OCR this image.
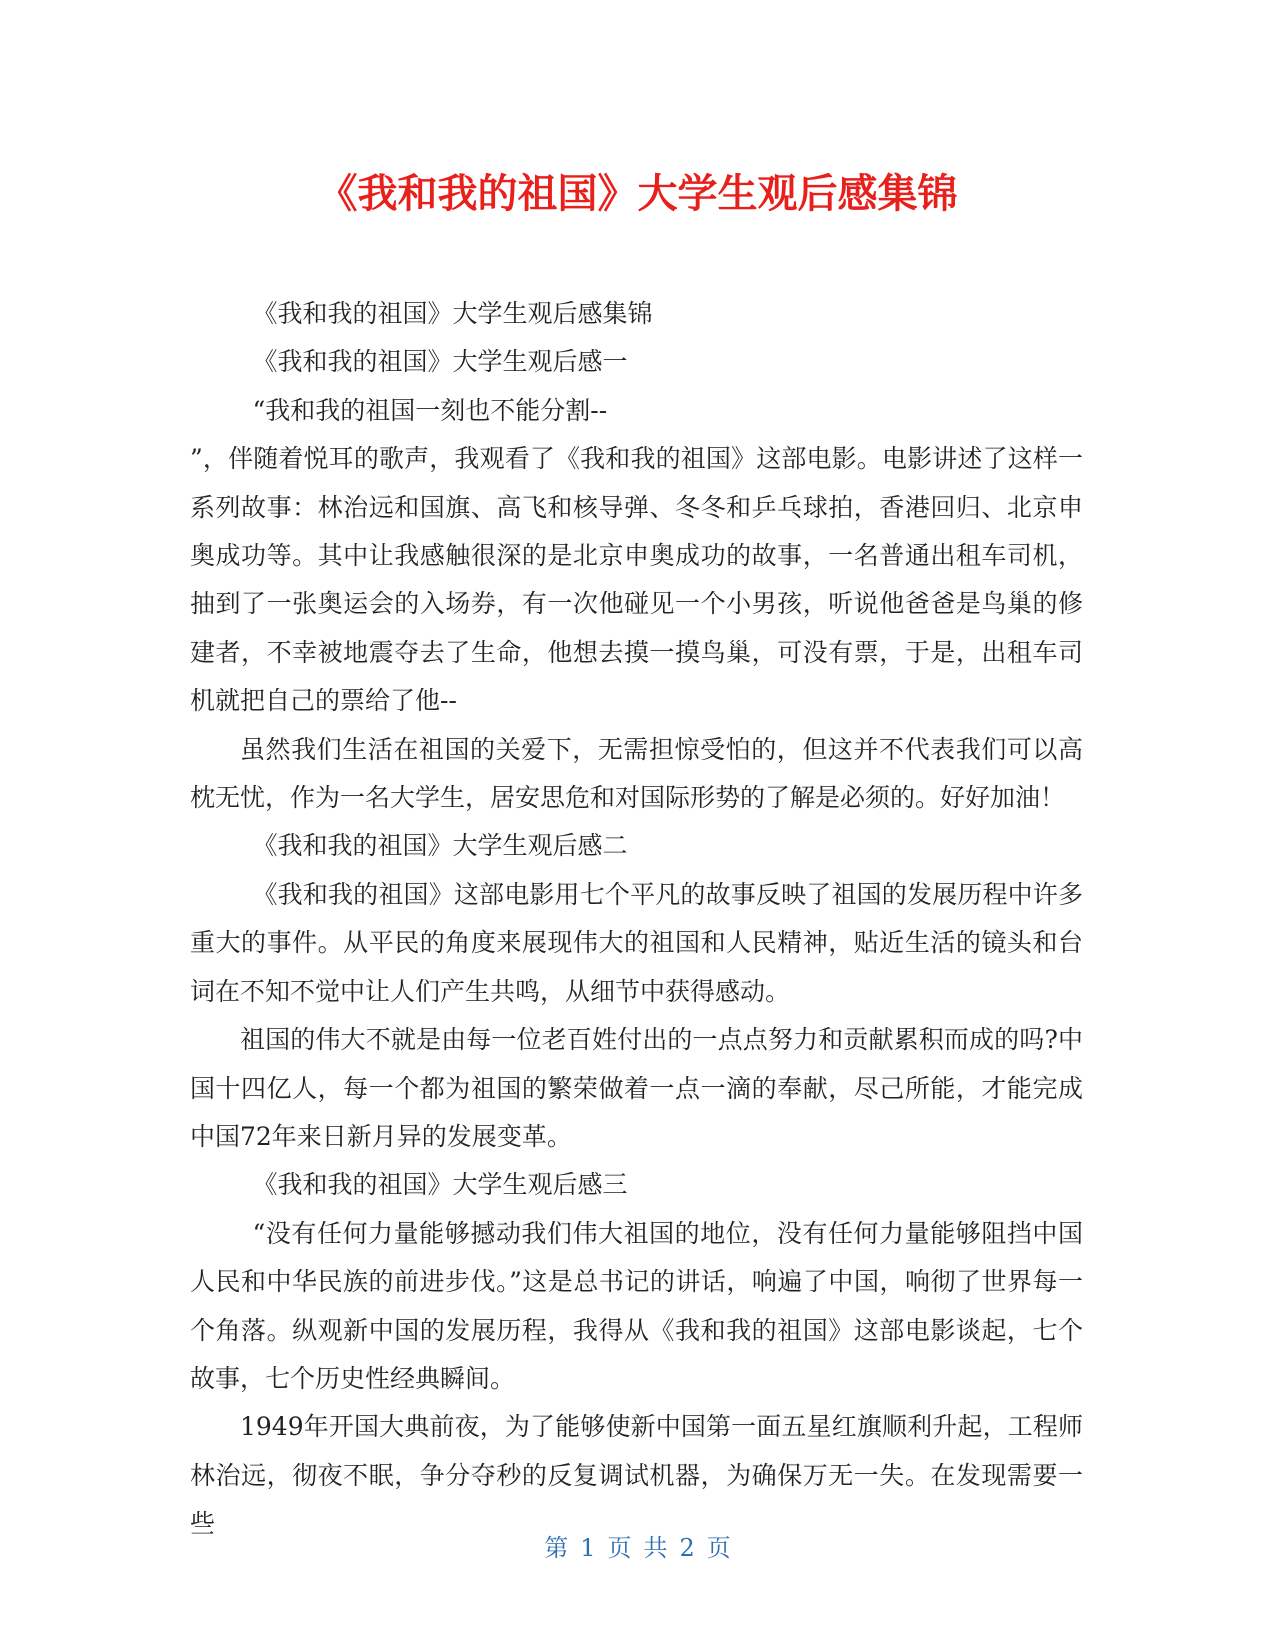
《我和我的祖国》大学生观后感集锦

《我和我的祖国》大学生观后感集锦

《我和我的祖国》大学生观后感一

“我和我的祖国一刻也不能分割--

”，伴随着悦耳的歌声，我观看了《我和我的祖国》这部电影。电影讲述了这样一系列故事：林治远和国旗、高飞和核导弹、冬冬和乒乓球拍，香港回归、北京申奥成功等。其中让我感触很深的是北京申奥成功的故事，一名普通出租车司机，抽到了一张奥运会的入场券，有一次他碰见一个小男孩，听说他爸爸是鸟巢的修建者，不幸被地震夺去了生命，他想去摸一摸鸟巢，可没有票，于是，出租车司机就把自己的票给了他--

虽然我们生活在祖国的关爱下，无需担惊受怕的，但这并不代表我们可以高枕无忧，作为一名大学生，居安思危和对国际形势的了解是必须的。好好加油！

《我和我的祖国》大学生观后感二

《我和我的祖国》这部电影用七个平凡的故事反映了祖国的发展历程中许多重大的事件。从平民的角度来展现伟大的祖国和人民精神，贴近生活的镜头和台词在不知不觉中让人们产生共鸣，从细节中获得感动。

祖国的伟大不就是由每一位老百姓付出的一点点努力和贡献累积而成的吗?中国十四亿人，每一个都为祖国的繁荣做着一点一滴的奉献，尽己所能，才能完成中国72年来日新月异的发展变革。

《我和我的祖国》大学生观后感三

“没有任何力量能够撼动我们伟大祖国的地位，没有任何力量能够阻挡中国人民和中华民族的前进步伐。”这是总书记的讲话，响遍了中国，响彻了世界每一个角落。纵观新中国的发展历程，我得从《我和我的祖国》这部电影谈起，七个故事，七个历史性经典瞬间。

1949年开国大典前夜，为了能够使新中国第一面五星红旗顺利升起，工程师林治远，彻夜不眠，争分夺秒的反复调试机器，为确保万无一失。在发现需要一些

第 1 页 共 2 页
